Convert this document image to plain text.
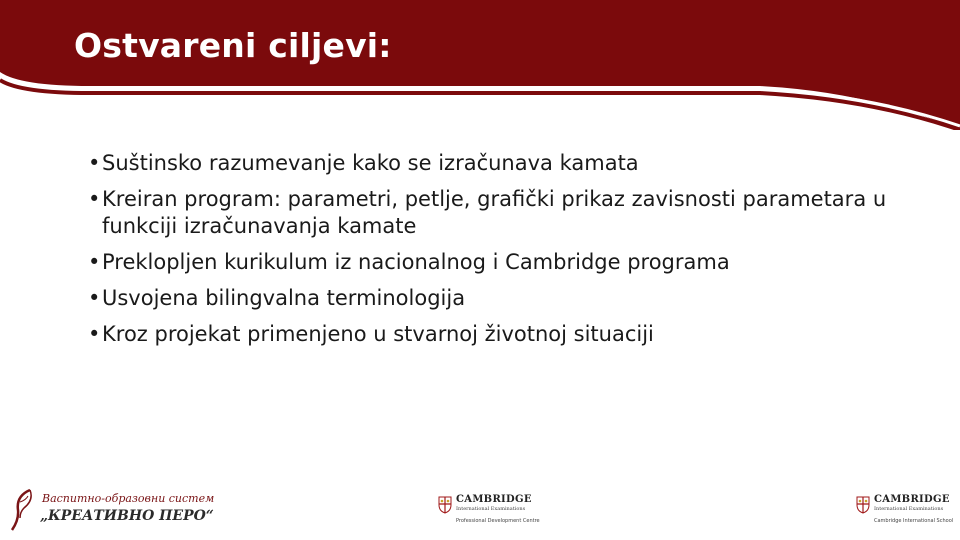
Ostvareni ciljevi:
• Suštinsko razumevanje kako se izračunava kamata
• Kreiran program: parametri, petlje, grafički prikaz zavisnosti parametara u funkciji izračunavanja kamate
• Preklopljen kurikulum iz nacionalnog i Cambridge programa
• Usvojena bilingvalna terminologija
• Kroz projekat primenjeno u stvarnoj životnoj situaciji
Васпитно-образовни систем
„КРЕАТИВНО ПЕРО“
CAMBRIDGE
International Examinations
Professional Development Centre
CAMBRIDGE
International Examinations
Cambridge International School
